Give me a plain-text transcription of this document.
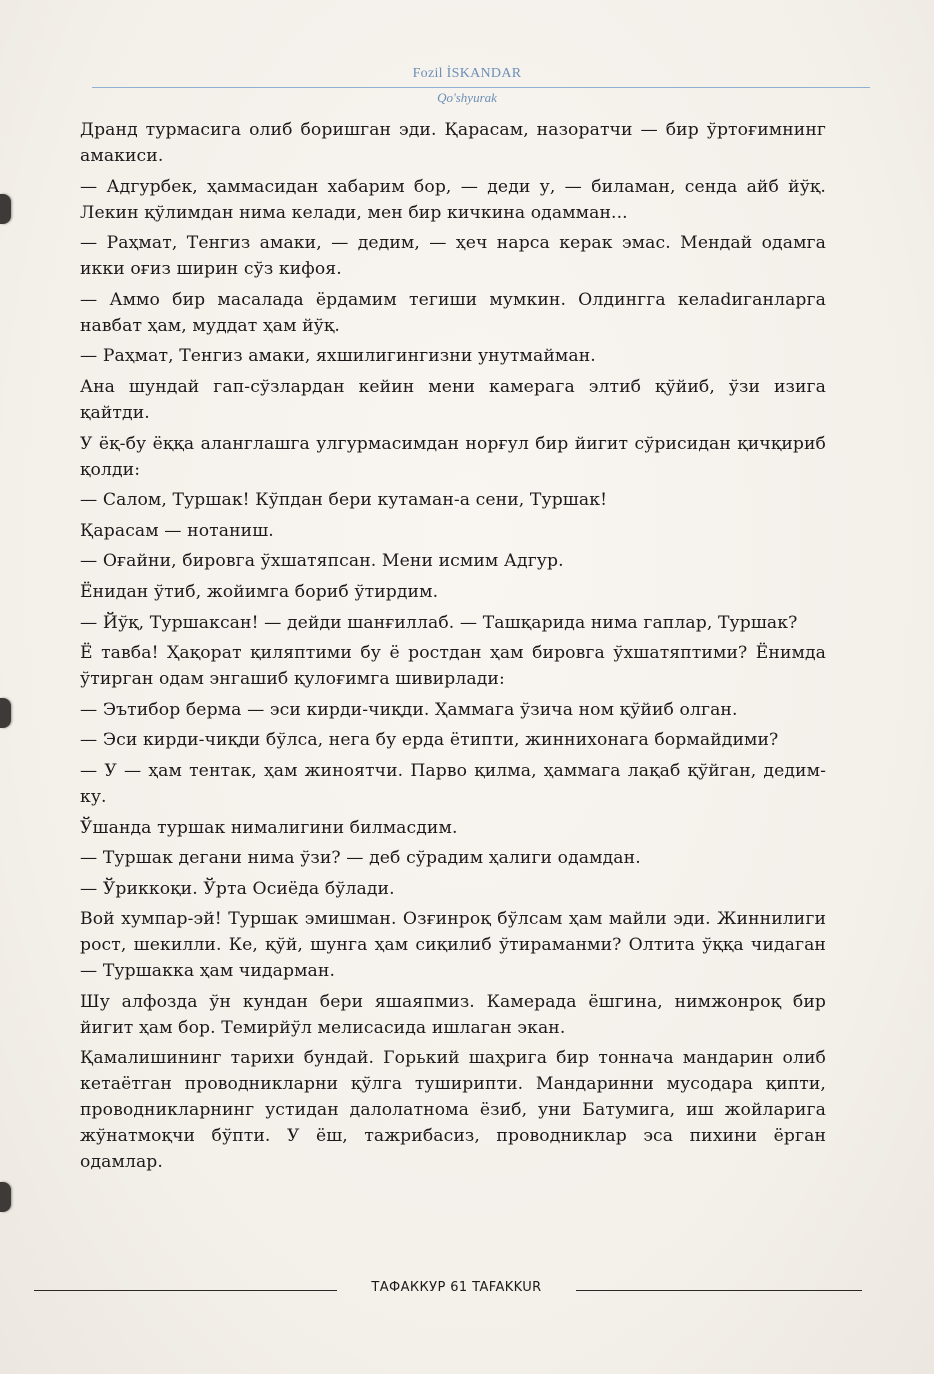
Fozil İSKANDAR
Qo'shyurak

Дранд турмасига олиб боришган эди. Қарасам, назоратчи — бир ўртоғимнинг амакиси.

— Адгурбек, ҳаммасидан хабарим бор, — деди у, — биламан, сенда айб йўқ. Лекин қўлимдан нима келади, мен бир кичкина одамман...

— Раҳмат, Тенгиз амаки, — дедим, — ҳеч нарса керак эмас. Мендай одамга икки оғиз ширин сўз кифоя.

— Аммо бир масалада ёрдамим тегиши мумкин. Олдингга келаdиганларга навбат ҳам, муддат ҳам йўқ.

— Раҳмат, Тенгиз амаки, яхшилигингизни унутмайман.

Ана шундай гап-сўзлардан кейин мени камерага элтиб қўйиб, ўзи изига қайтди.

У ёқ-бу ёққа аланглашга улгурмасимдан норғул бир йигит сўрисидан қичқириб қолди:

— Салом, Туршак! Кўпдан бери кутаман-а сени, Туршак!

Қарасам — нотаниш.

— Оғайни, бировга ўхшатяпсан. Мени исмим Адгур.

Ёнидан ўтиб, жойимга бориб ўтирдим.

— Йўқ, Туршаксан! — дейди шанғиллаб. — Ташқарида нима гаплар, Туршак?

Ё тавба! Ҳақорат қиляптими бу ё ростдан ҳам бировга ўхшатяптими? Ёнимда ўтирган одам энгашиб қулоғимга шивирлади:

— Эътибор берма — эси кирди-чиқди. Ҳаммага ўзича ном қўйиб олган.

— Эси кирди-чиқди бўлса, нега бу ерда ётипти, жиннихонага бормайдими?

— У — ҳам тентак, ҳам жиноятчи. Парво қилма, ҳаммага лақаб қўйган, дедим-ку.

Ўшанда туршак нималигини билмасдим.

— Туршак дегани нима ўзи? — деб сўрадим ҳалиги одамдан.

— Ўриккоқи. Ўрта Осиёда бўлади.

Вой хумпар-эй! Туршак эмишман. Озғинроқ бўлсам ҳам майли эди. Жиннилиги рост, шекилли. Ке, қўй, шунга ҳам сиқилиб ўтираманми? Олтита ўққа чидаган — Туршакка ҳам чидарман.

Шу алфозда ўн кундан бери яшаяпмиз. Камерада ёшгина, нимжонроқ бир йигит ҳам бор. Темирйўл мелисасида ишлаган экан.

Қамалишининг тарихи бундай. Горький шаҳрига бир тоннача мандарин олиб кетаётган проводникларни қўлга туширипти. Мандаринни мусодара қипти, проводникларнинг устидан далолатнома ёзиб, уни Батумига, иш жойларига жўнатмоқчи бўпти. У ёш, тажрибасиз, проводниклар эса пихини ёрган одамлар.

ТАФАККУР 61 TAFAKKUR
